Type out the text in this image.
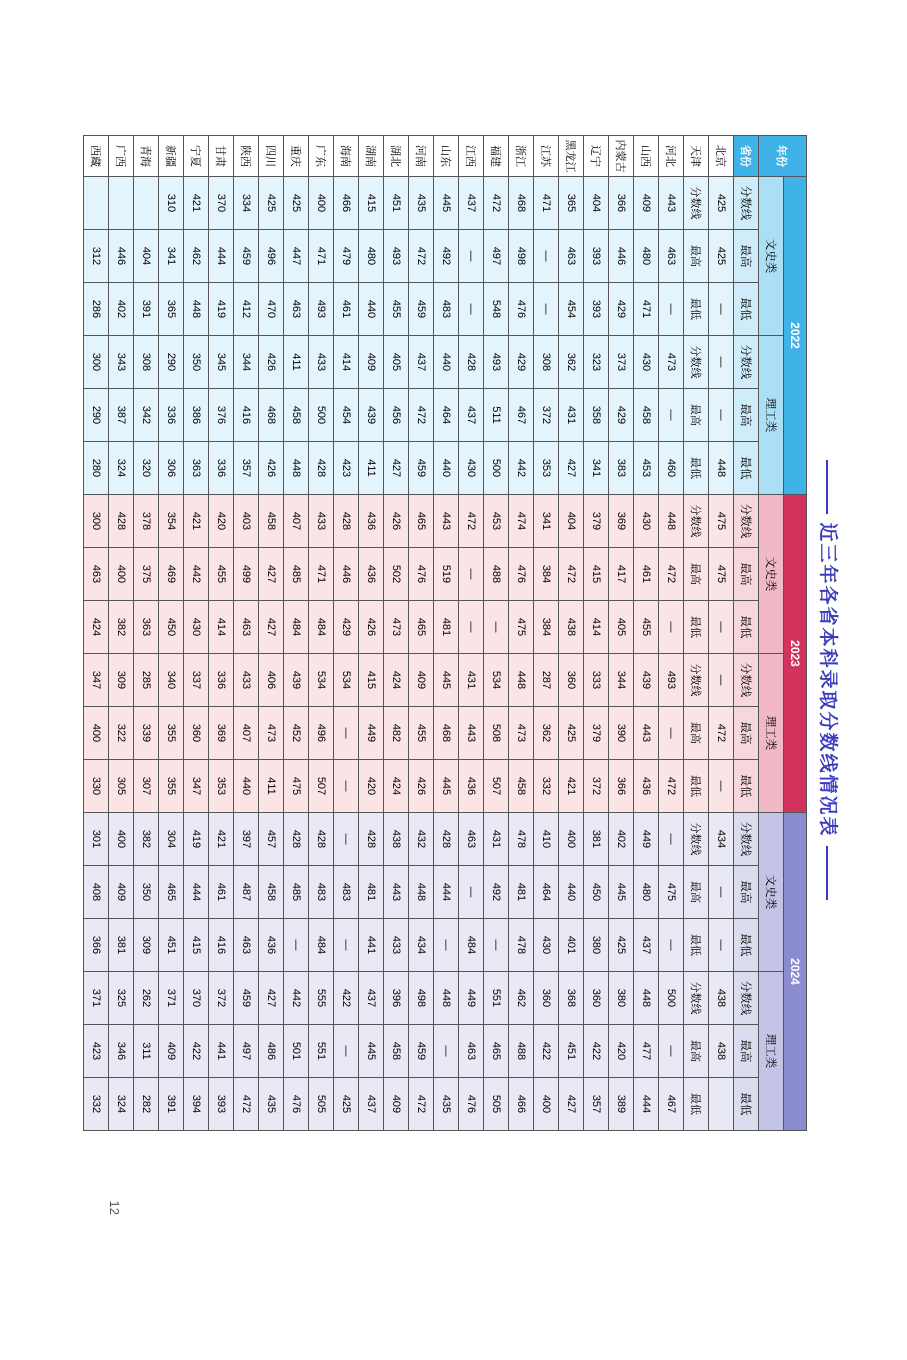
近三年各省本科录取分数线情况表
年份	2022						2023						2024					
	文史类			理工类			文史类			理工类			文史类			理工类		
省份	分数线	最高	最低	分数线	最高	最低	分数线	最高	最低	分数线	最高	最低	分数线	最高	最低	分数线	最高	最低
北京	425	425	—	—	—	448	475	475	—	—	472	—	434	—	—	438	438	
天津	分数线	最高	最低	分数线	最高	最低	分数线	最高	最低	分数线	最高	最低	分数线	最高	最低	分数线	最高	最低
河北	443	463	—	473	—	460	448	472	—	493	—	472	—	475	—	500	—	467
山西	409	480	471	430	458	453	430	461	455	439	443	436	449	480	437	448	477	444
内蒙古	366	446	429	373	429	383	369	417	405	344	390	366	402	445	425	380	420	389
辽宁	404	393	393	323	358	341	379	415	414	333	379	372	381	450	380	360	422	357
黑龙江	365	463	454	362	431	427	404	472	438	360	425	421	400	440	401	368	451	427
江苏	471	—	—	308	372	353	341	384	384	287	362	332	410	464	430	360	422	400
浙江	468	498	476	429	467	442	474	476	475	448	473	458	478	481	478	462	488	466
福建	472	497	548	493	511	500	453	488	—	534	508	507	431	492	—	551	465	505
江西	437	—	—	428	437	430	472	—	—	431	443	436	463	—	484	449	463	476
山东	445	492	483	440	464	440	443	519	481	445	468	445	428	444	—	448	—	435
河南	435	472	459	437	472	459	465	476	465	409	455	426	432	448	434	498	459	472
湖北	451	493	455	405	456	427	426	502	473	424	482	424	438	443	433	396	458	409
湖南	415	480	440	409	439	411	436	436	426	415	449	420	428	481	441	437	445	437
海南	466	479	461	414	454	423	428	446	429	534	—	—	—	483	—	422	—	425
广东	400	471	493	433	500	428	433	471	484	534	496	507	428	483	484	555	551	505
重庆	425	447	463	411	458	448	407	485	484	439	452	475	428	485	—	442	501	476
四川	425	496	470	426	468	426	458	427	427	406	473	411	457	458	436	427	486	435
陕西	334	459	412	344	416	357	403	499	463	433	407	440	397	487	463	459	497	472
甘肃	370	444	419	345	376	336	420	455	414	336	369	353	421	461	416	372	441	393
宁夏	421	462	448	350	386	363	421	442	430	337	360	347	419	444	415	370	422	394
新疆	310	341	365	290	336	306	354	469	450	340	355	355	304	465	451	371	409	391
青海		404	391	308	342	320	378	375	363	285	339	307	382	350	309	262	311	282
广西		446	402	343	387	324	428	400	382	309	322	305	400	409	381	325	346	324
西藏		312	286	300	290	280	300	463	424	347	400	330	301	408	366	371	423	332
12
